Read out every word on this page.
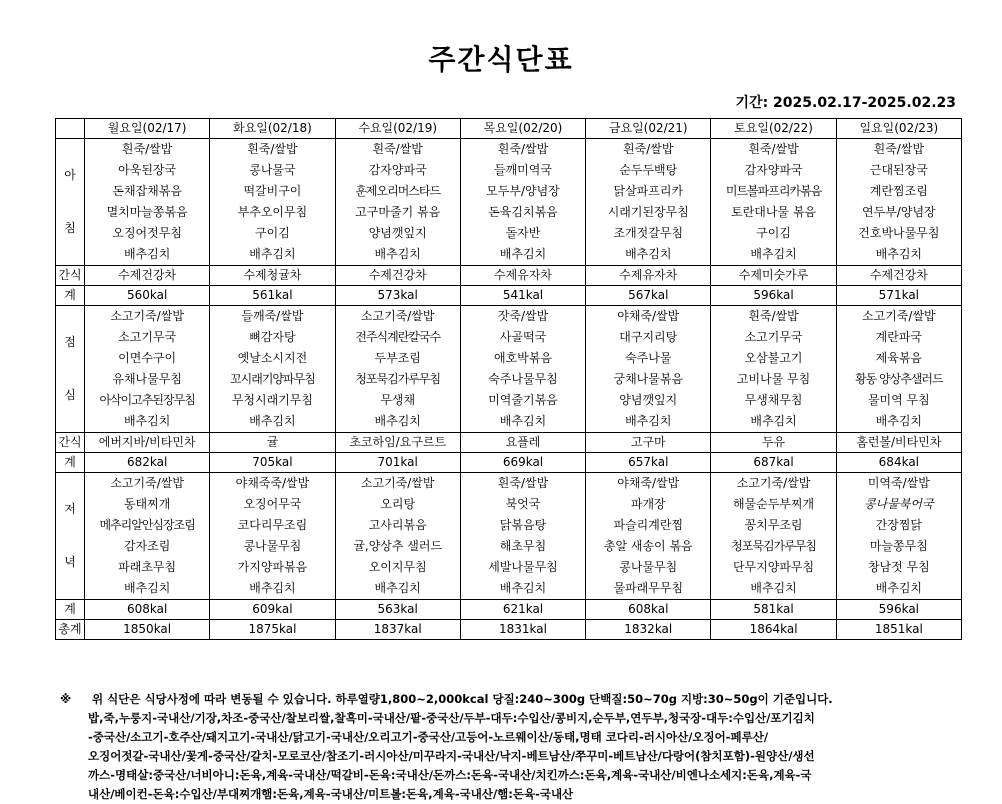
주간식단표
기간: 2025.02.17-2025.02.23
	월요일(02/17)	화요일(02/18)	수요일(02/19)	목요일(02/20)	금요일(02/21)	토요일(02/22)	일요일(02/23)

아
침	흰죽/쌀밥	흰죽/쌀밥	흰죽/쌀밥	흰죽/쌀밥	흰죽/쌀밥	흰죽/쌀밥	흰죽/쌀밥
	아욱된장국	콩나물국	감자양파국	들깨미역국	순두두백탕	감자양파국	근대된장국
	돈채잡채볶음	떡갈비구이	훈제오리머스타드	모두부/양념장	닭살파프리카	미트볼파프리카볶음	계란찜조림
	멸치마늘쫑볶음	부추오이무침	고구마줄기 볶음	돈육김치볶음	시래기된장무침	토란대나물 볶음	연두부/양념장
	오징어젓무침	구이김	양념깻잎지	돌자반	조개젓갈무침	구이김	건호박나물무침
	배추김치	배추김치	배추김치	배추김치	배추김치	배추김치	배추김치
간식	수제건강차	수제청귤차	수제건강차	수제유자차	수제유자차	수제미숫가루	수제건강차
계	560kal	561kal	573kal	541kal	567kal	596kal	571kal

점
심	소고기죽/쌀밥	들깨죽/쌀밥	소고기죽/쌀밥	잣죽/쌀밥	야채죽/쌀밥	흰죽/쌀밥	소고기죽/쌀밥
	소고기무국	뼈감자탕	전주식계란칼국수	사골떡국	대구지리탕	소고기무국	계란파국
	이면수구이	옛날소시지전	두부조림	애호박볶음	숙주나물	오삼불고기	제육볶음
	유채나물무침	꼬시래기양파무침	청포묵김가루무침	숙주나물무침	궁채나물볶음	고비나물 무침	황동 양상추샐러드
	아삭이고추된장무침	무청시래기무침	무생채	미역줄기볶음	양념깻잎지	무생채무침	물미역 무침
	배추김치	배추김치	배추김치	배추김치	배추김치	배추김치	배추김치
간식	에버지바/비타민차	귤	초코하임/요구르트	요플레	고구마	두유	홈런볼/비타민차
계	682kal	705kal	701kal	669kal	657kal	687kal	684kal

저
녁	소고기죽/쌀밥	야채죽죽/쌀밥	소고기죽/쌀밥	흰죽/쌀밥	야채죽/쌀밥	소고기죽/쌀밥	미역죽/쌀밥
	동태찌개	오징어무국	오리탕	북엇국	파개장	해물순두부찌개	콩나물북어국
	메추리알안심장조림	코다리무조림	고사리볶음	닭볶음탕	파슬리계란찜	꽁치무조림	간장찜닭
	감자조림	콩나물무침	귤,양상추 샐러드	해초무침	총알 새송이 볶음	청포묵김가루무침	마늘쫑무침
	파래초무침	가지양파볶음	오이지무침	세발나물무침	콩나물무침	단무지양파무침	창남젓 무침
	배추김치	배추김치	배추김치	배추김치	물파래무무침	배추김치	배추김치
계	608kal	609kal	563kal	621kal	608kal	581kal	596kal
총계	1850kal	1875kal	1837kal	1831kal	1832kal	1864kal	1851kal
※	위 식단은 식당사정에 따라 변동될 수 있습니다. 하루열량1,800~2,000kcal 당질:240~300g 단백질:50~70g 지방:30~50g이 기준입니다.
밥,죽,누룽지-국내산/기장,차조-중국산/찰보리쌀,찰흑미-국내산/팥-중국산/두부-대두:수입산/콩비지,순두부,연두부,청국장-대두:수입산/포기김치
-중국산/소고기-호주산/돼지고기-국내산/닭고기-국내산/오리고기-중국산/고등어-노르웨이산/동태,명태 코다리-러시아산/오징어-페루산/
오징어젓갈-국내산/꽃게-중국산/갈치-모로코산/참조기-러시아산/미꾸라지-국내산/낙지-베트남산/쭈꾸미-베트남산/다랑어(참치포함)-원양산/생선
까스-명태살:중국산/너비아니:돈육,계육-국내산/떡갈비-돈육:국내산/돈까스:돈육-국내산/치킨까스:돈육,계육-국내산/비엔나소세지:돈육,계육-국
내산/베이컨-돈육:수입산/부대찌개햄:돈육,계육-국내산/미트볼:돈육,계육-국내산/햄:돈육-국내산
